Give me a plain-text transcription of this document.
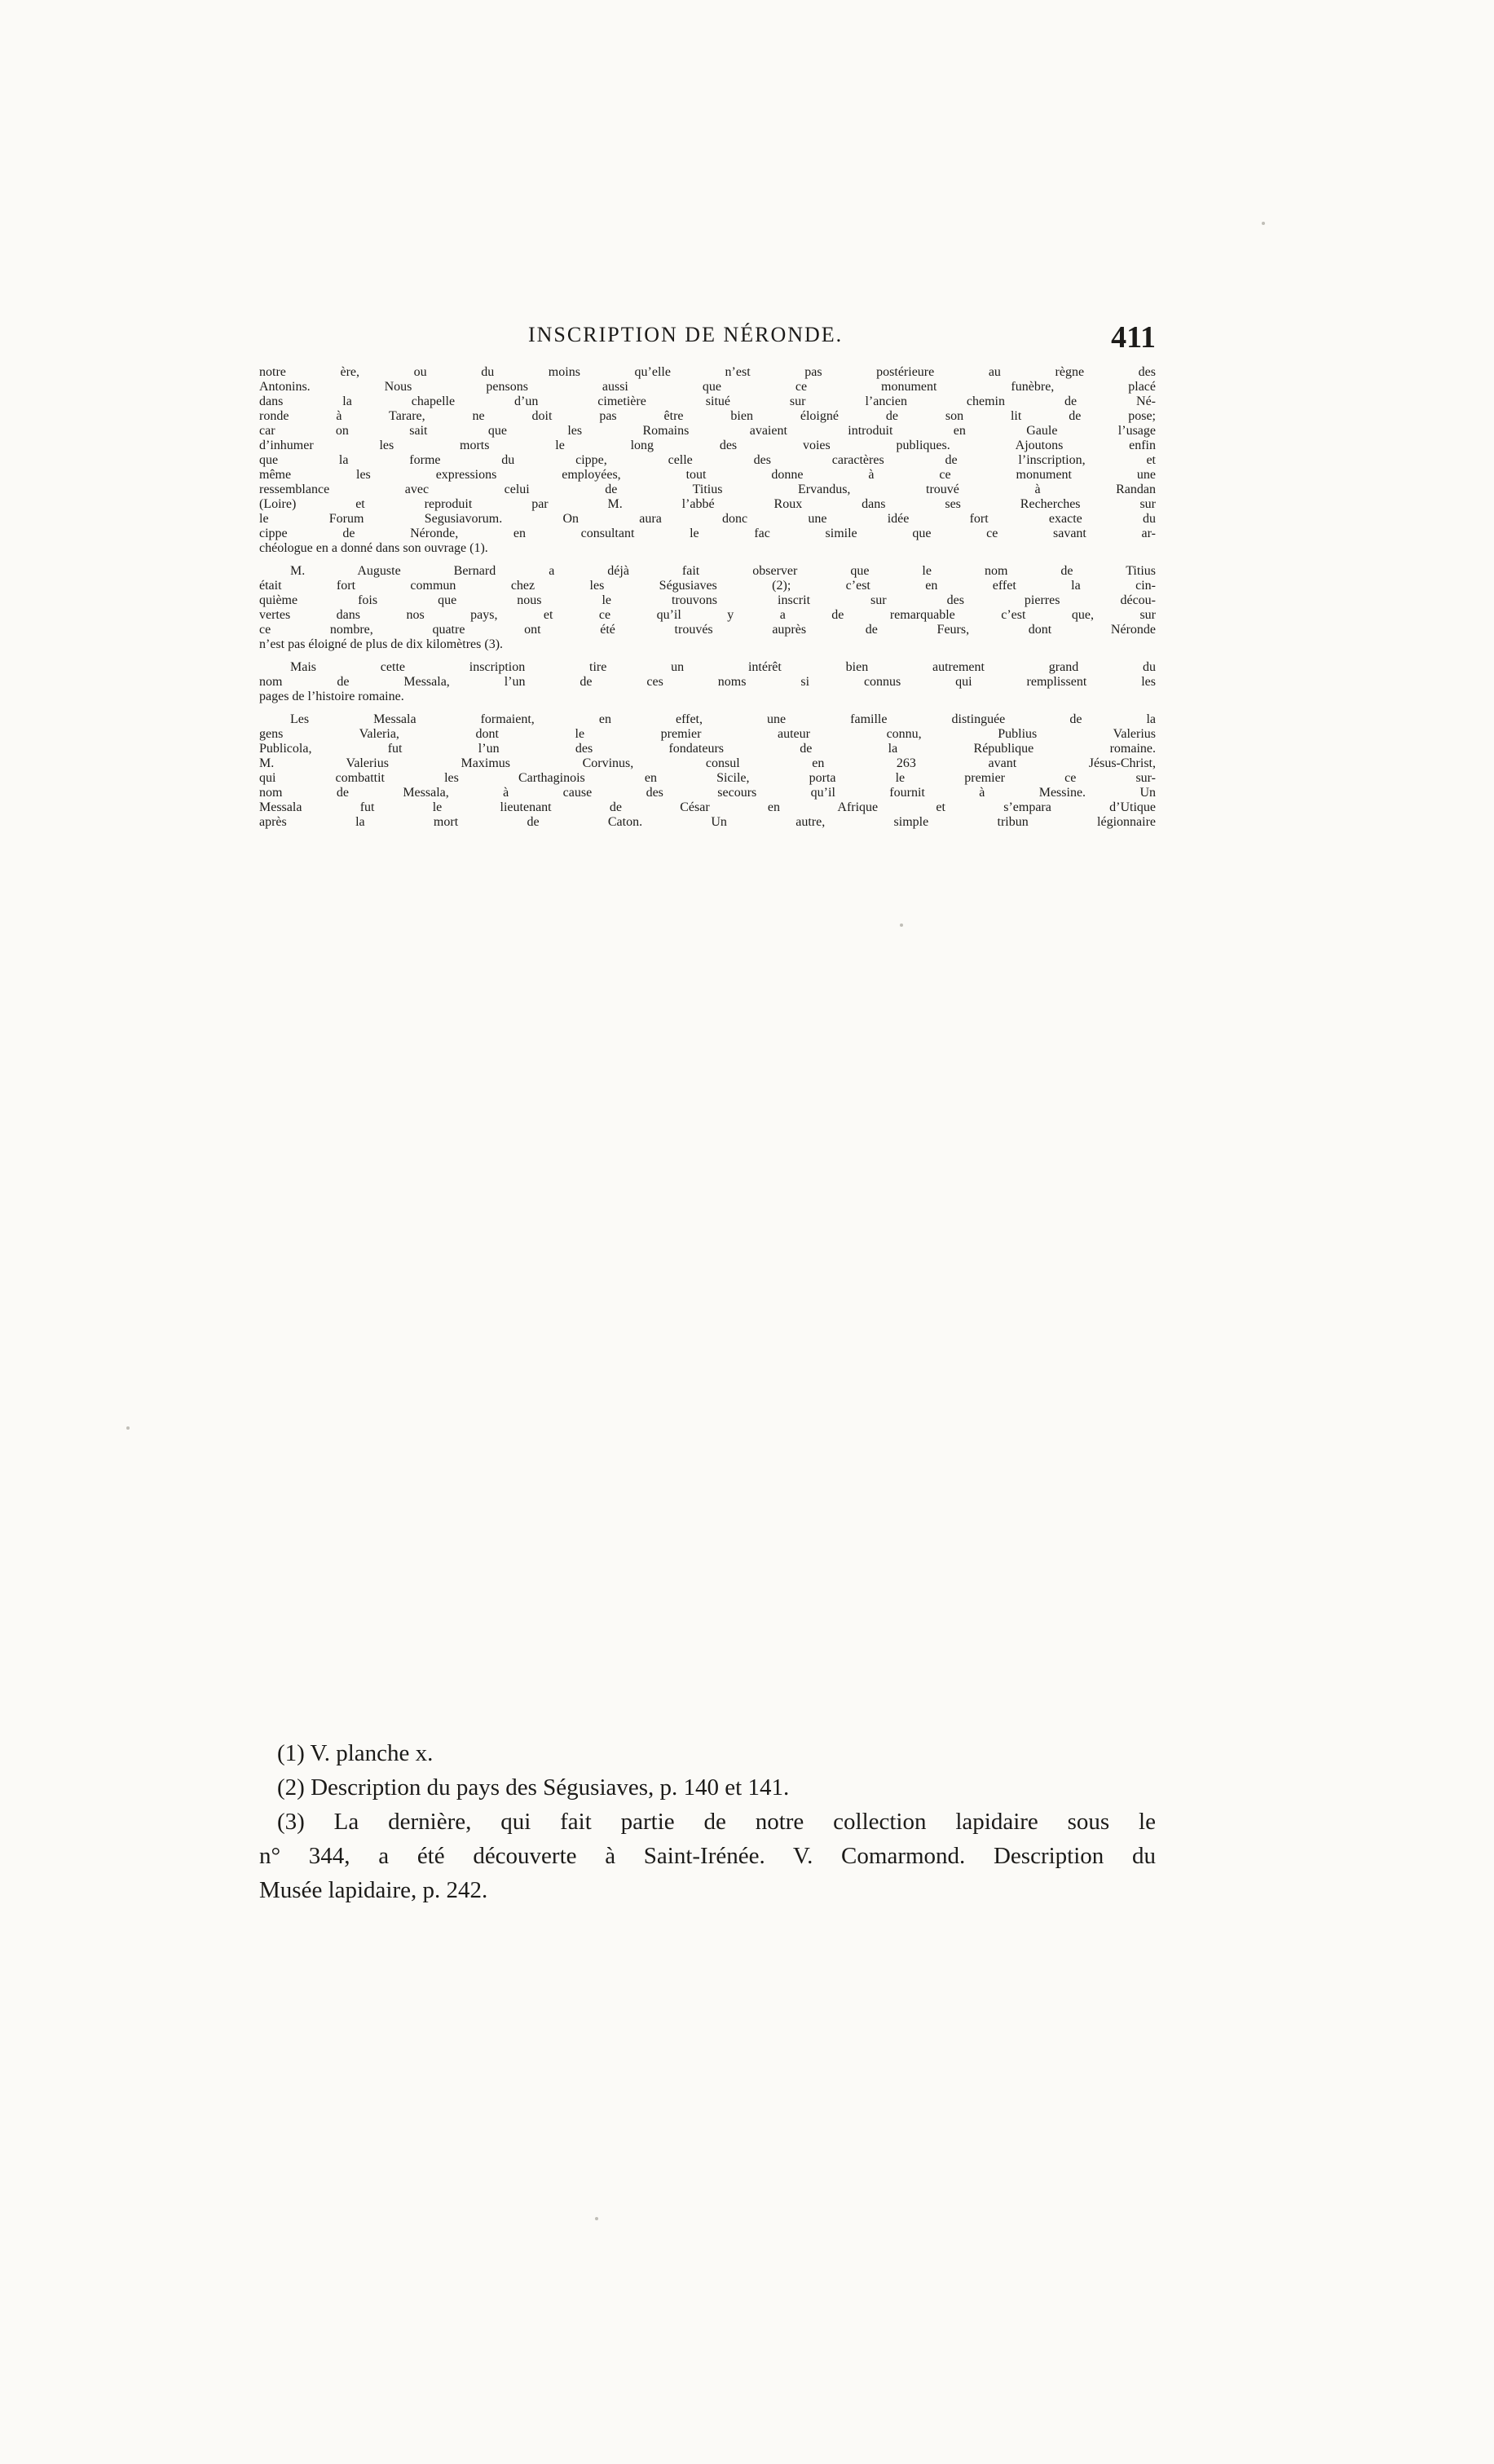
INSCRIPTION DE NÉRONDE.	411
notre ère, ou du moins qu’elle n’est pas postérieure au règne des
Antonins. Nous pensons aussi que ce monument funèbre, placé
dans la chapelle d’un cimetière situé sur l’ancien chemin de Né-
ronde à Tarare, ne doit pas être bien éloigné de son lit de pose;
car on sait que les Romains avaient introduit en Gaule l’usage
d’inhumer les morts le long des voies publiques. Ajoutons enfin
que la forme du cippe, celle des caractères de l’inscription, et
même les expressions employées, tout donne à ce monument une
ressemblance avec celui de Titius Ervandus, trouvé à Randan
(Loire) et reproduit par M. l’abbé Roux dans ses Recherches sur
le Forum Segusiavorum. On aura donc une idée fort exacte du
cippe de Néronde, en consultant le fac simile que ce savant ar-
chéologue en a donné dans son ouvrage (1).
M. Auguste Bernard a déjà fait observer que le nom de Titius
était fort commun chez les Ségusiaves (2); c’est en effet la cin-
quième fois que nous le trouvons inscrit sur des pierres décou-
vertes dans nos pays, et ce qu’il y a de remarquable c’est que, sur
ce nombre, quatre ont été trouvés auprès de Feurs, dont Néronde
n’est pas éloigné de plus de dix kilomètres (3).
Mais cette inscription tire un intérêt bien autrement grand du
nom de Messala, l’un de ces noms si connus qui remplissent les
pages de l’histoire romaine.
Les Messala formaient, en effet, une famille distinguée de la
gens Valeria, dont le premier auteur connu, Publius Valerius
Publicola, fut l’un des fondateurs de la République romaine.
M. Valerius Maximus Corvinus, consul en 263 avant Jésus-Christ,
qui combattit les Carthaginois en Sicile, porta le premier ce sur-
nom de Messala, à cause des secours qu’il fournit à Messine. Un
Messala fut le lieutenant de César en Afrique et s’empara d’Utique
après la mort de Caton. Un autre, simple tribun légionnaire
(1) V. planche x.
(2) Description du pays des Ségusiaves, p. 140 et 141.
(3) La dernière, qui fait partie de notre collection lapidaire sous le
n° 344, a été découverte à Saint-Irénée. V. Comarmond. Description du
Musée lapidaire, p. 242.
